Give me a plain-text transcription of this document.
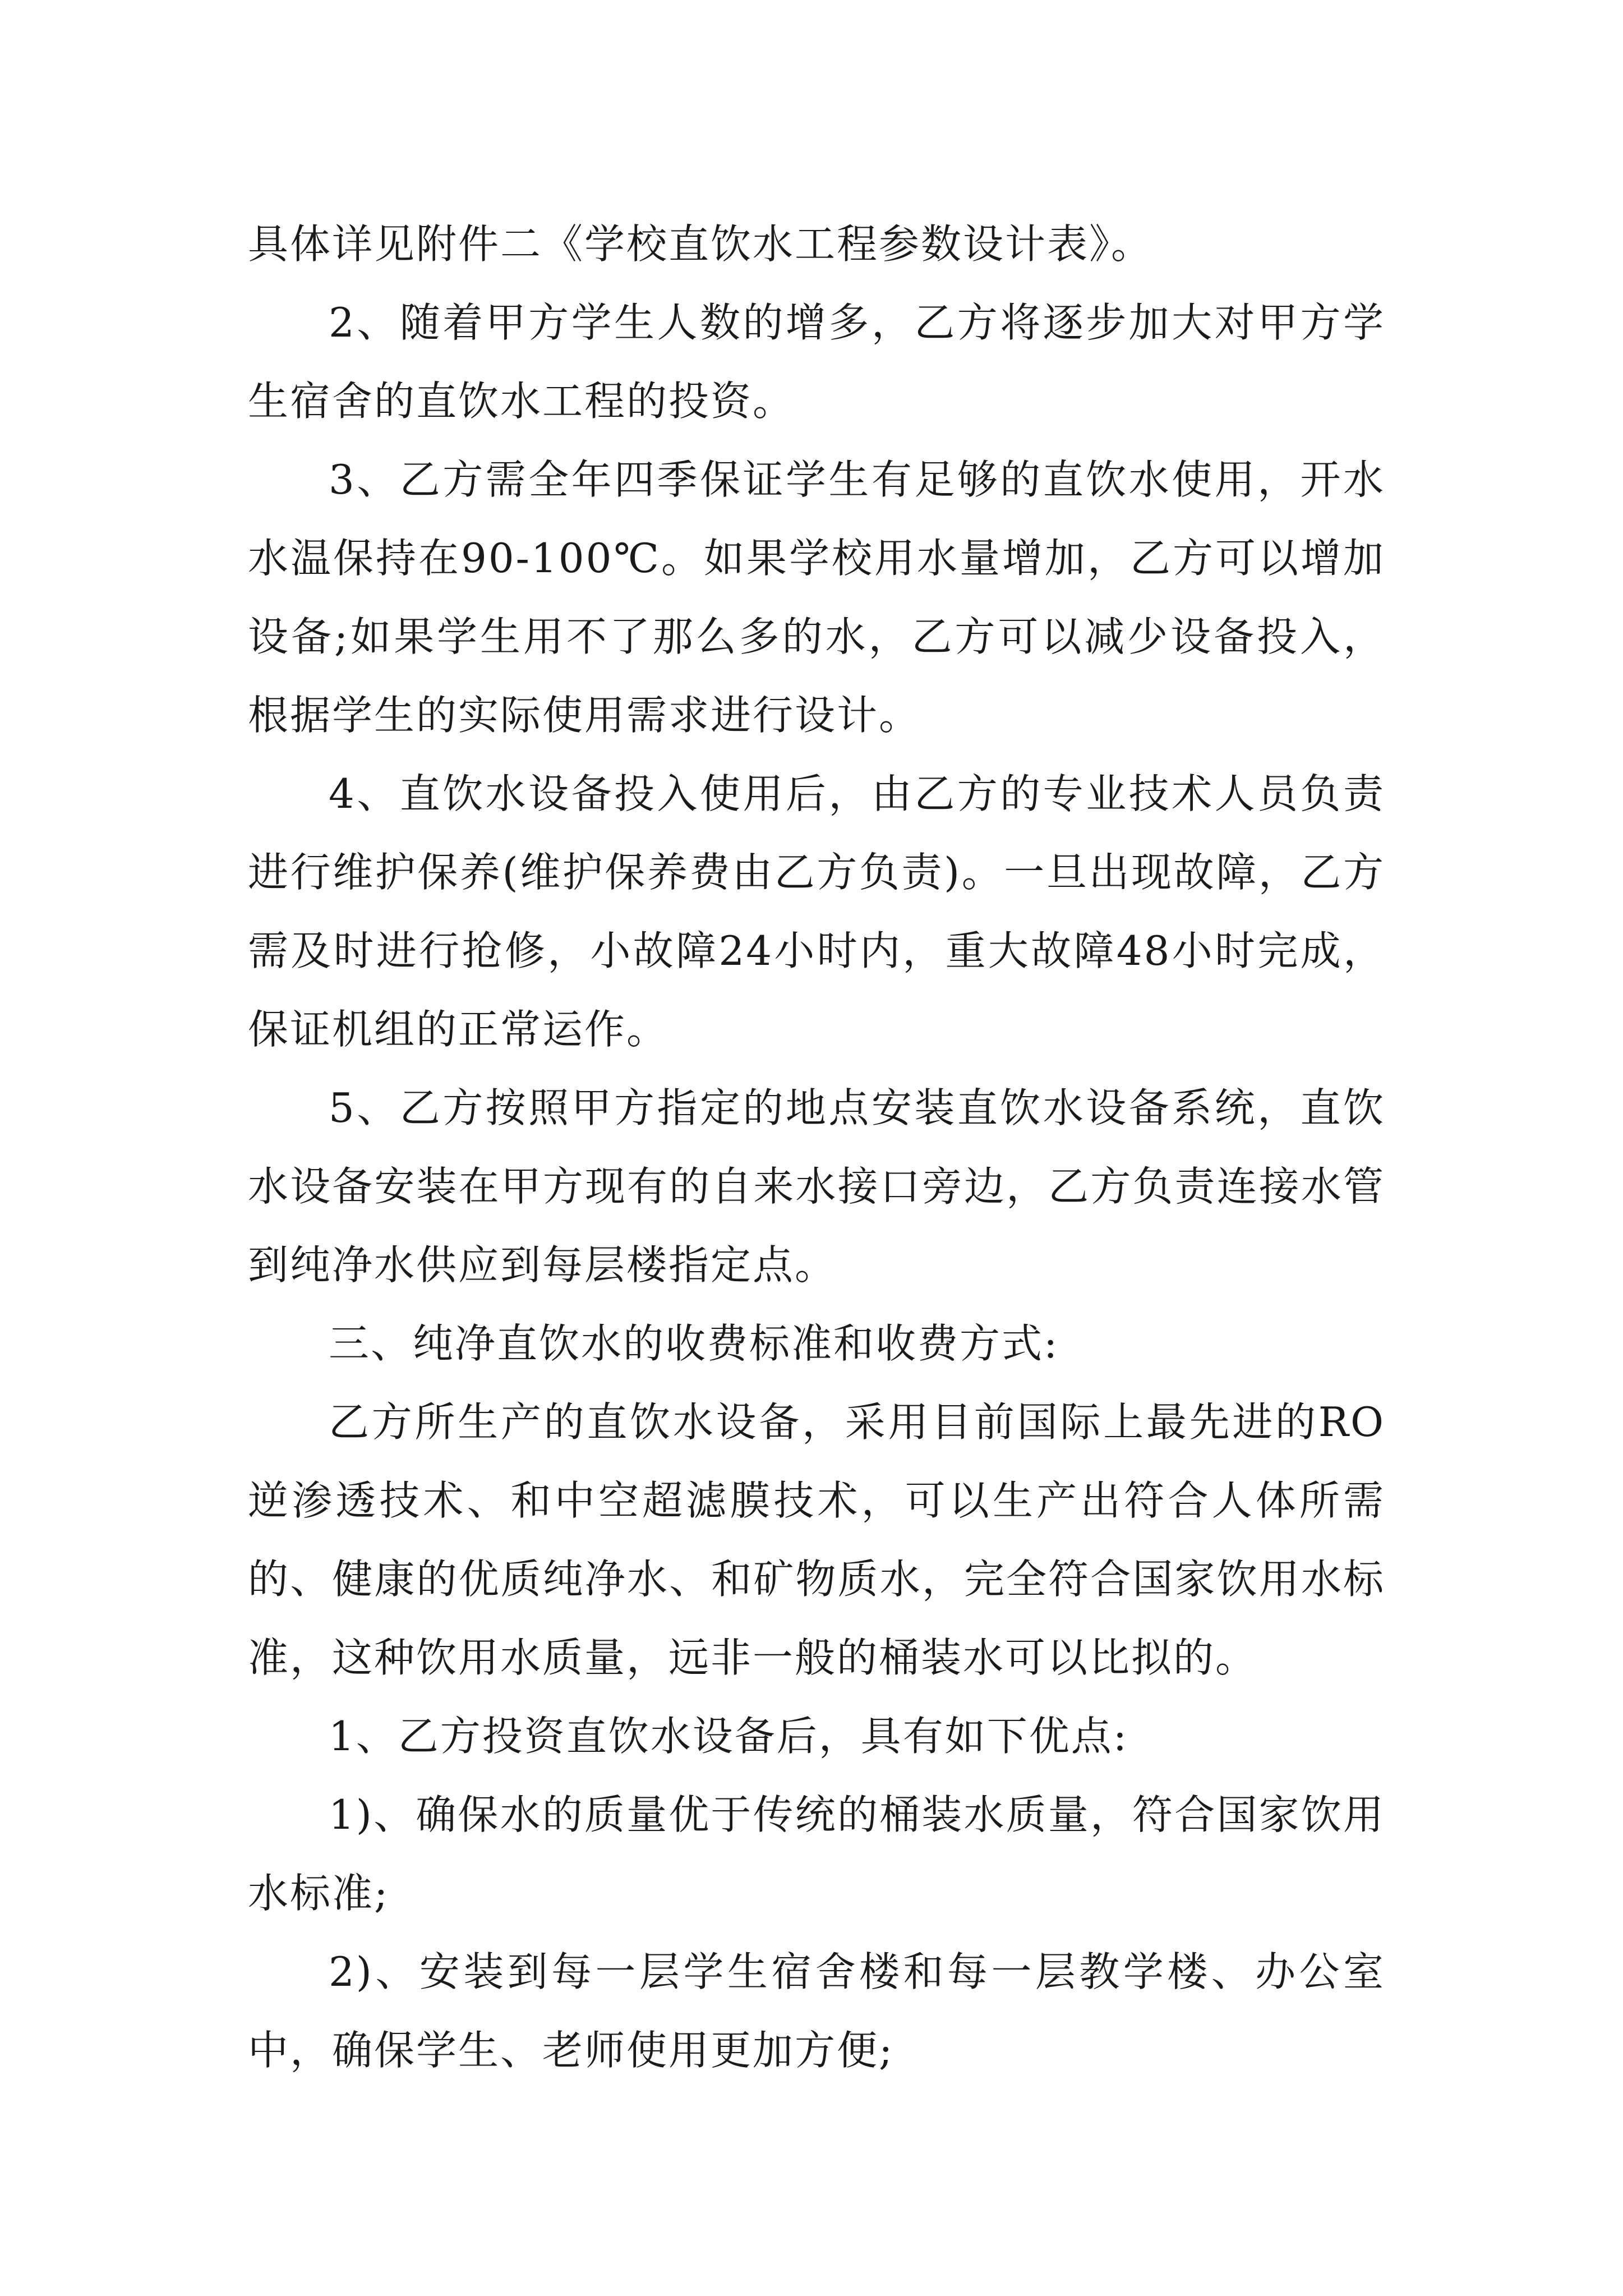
具体详见附件二《学校直饮水工程参数设计表》。

2、随着甲方学生人数的增多，乙方将逐步加大对甲方学生宿舍的直饮水工程的投资。

3、乙方需全年四季保证学生有足够的直饮水使用，开水水温保持在90-100℃。如果学校用水量增加，乙方可以增加设备;如果学生用不了那么多的水，乙方可以减少设备投入，根据学生的实际使用需求进行设计。

4、直饮水设备投入使用后，由乙方的专业技术人员负责进行维护保养(维护保养费由乙方负责)。一旦出现故障，乙方需及时进行抢修，小故障24小时内，重大故障48小时完成，保证机组的正常运作。

5、乙方按照甲方指定的地点安装直饮水设备系统，直饮水设备安装在甲方现有的自来水接口旁边，乙方负责连接水管到纯净水供应到每层楼指定点。

三、纯净直饮水的收费标准和收费方式:

乙方所生产的直饮水设备，采用目前国际上最先进的RO逆渗透技术、和中空超滤膜技术，可以生产出符合人体所需的、健康的优质纯净水、和矿物质水，完全符合国家饮用水标准，这种饮用水质量，远非一般的桶装水可以比拟的。

1、乙方投资直饮水设备后，具有如下优点:

1)、确保水的质量优于传统的桶装水质量，符合国家饮用水标准;

2)、安装到每一层学生宿舍楼和每一层教学楼、办公室中，确保学生、老师使用更加方便;
